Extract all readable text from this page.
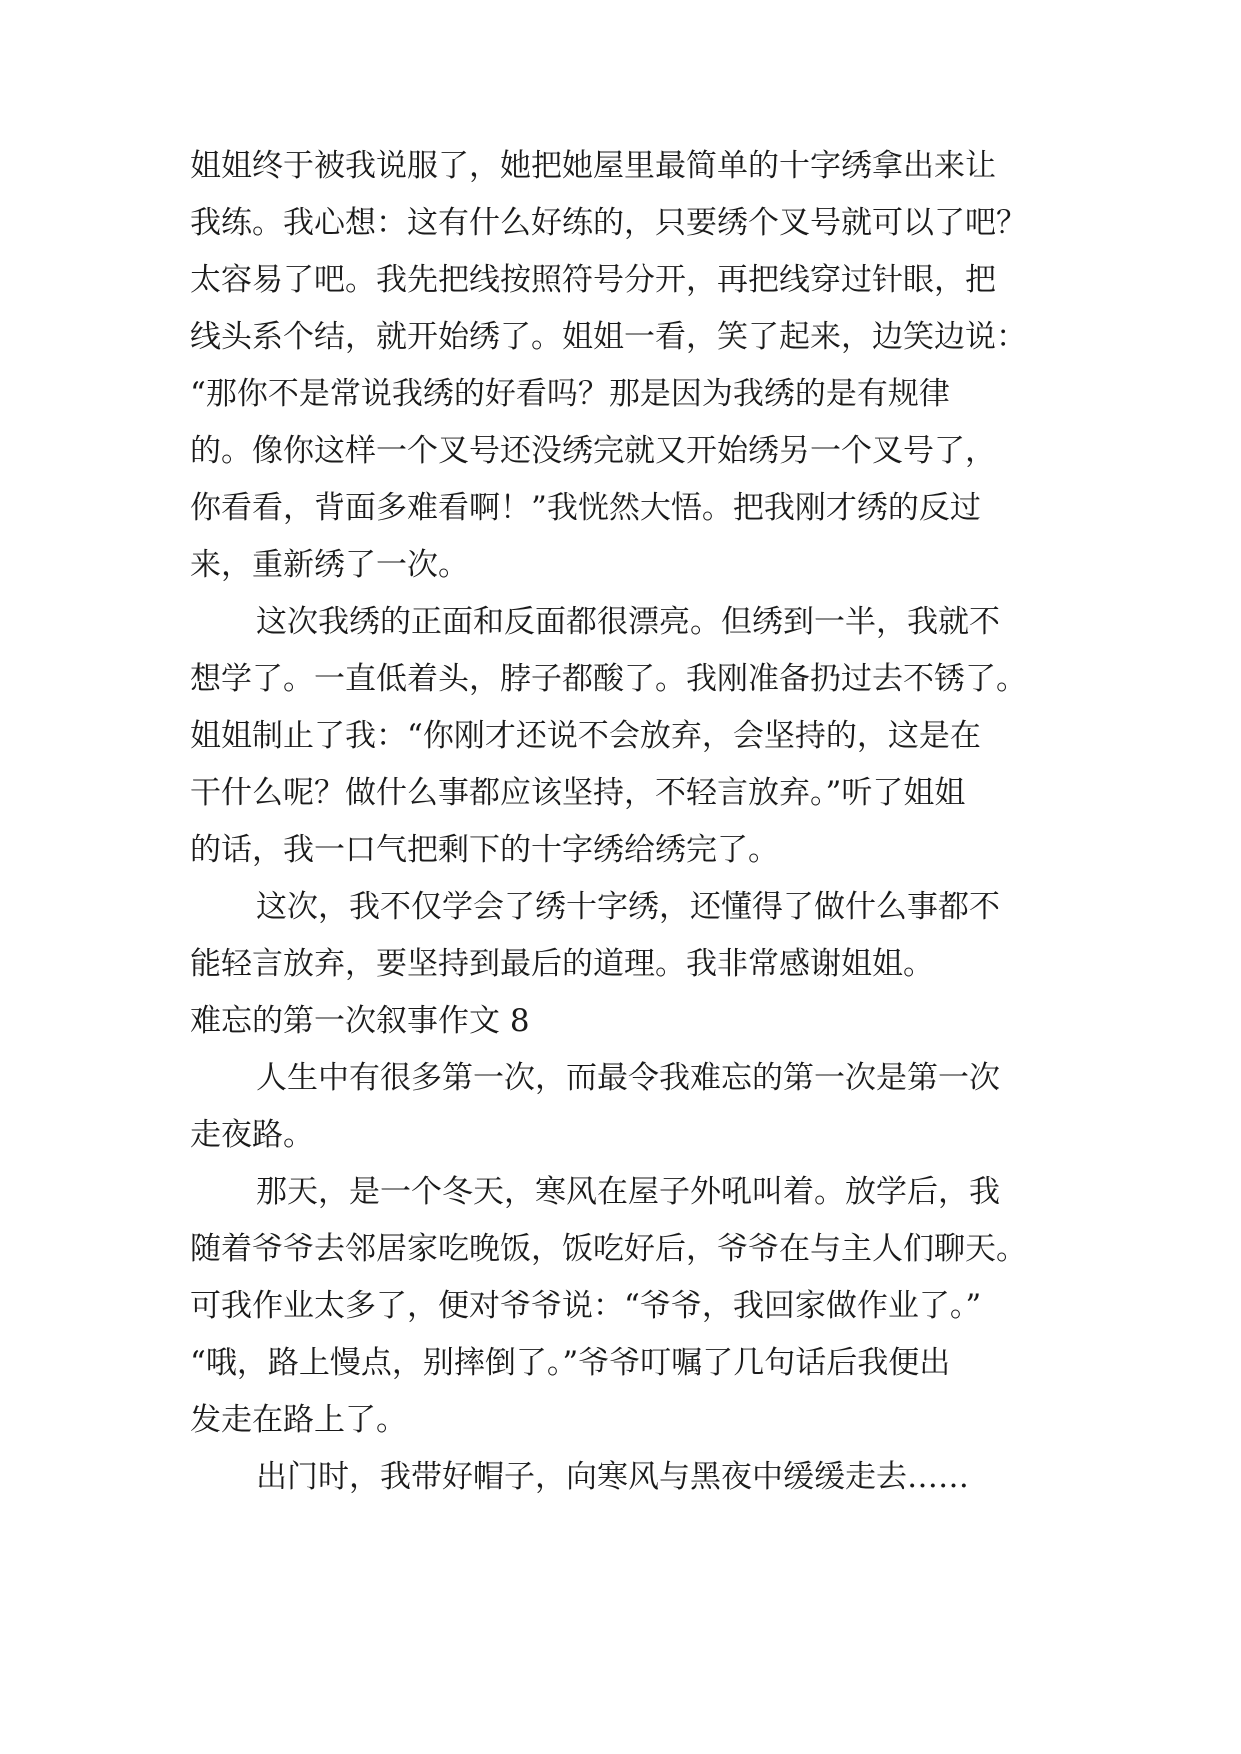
姐姐终于被我说服了，她把她屋里最简单的十字绣拿出来让
我练。我心想：这有什么好练的，只要绣个叉号就可以了吧？
太容易了吧。我先把线按照符号分开，再把线穿过针眼，把
线头系个结，就开始绣了。姐姐一看，笑了起来，边笑边说：
“那你不是常说我绣的好看吗？那是因为我绣的是有规律
的。像你这样一个叉号还没绣完就又开始绣另一个叉号了，
你看看，背面多难看啊！”我恍然大悟。把我刚才绣的反过
来，重新绣了一次。
这次我绣的正面和反面都很漂亮。但绣到一半，我就不
想学了。一直低着头，脖子都酸了。我刚准备扔过去不锈了。
姐姐制止了我：“你刚才还说不会放弃，会坚持的，这是在
干什么呢？做什么事都应该坚持，不轻言放弃。”听了姐姐
的话，我一口气把剩下的十字绣给绣完了。
这次，我不仅学会了绣十字绣，还懂得了做什么事都不
能轻言放弃，要坚持到最后的道理。我非常感谢姐姐。
难忘的第一次叙事作文 8
人生中有很多第一次，而最令我难忘的第一次是第一次
走夜路。
那天，是一个冬天，寒风在屋子外吼叫着。放学后，我
随着爷爷去邻居家吃晚饭，饭吃好后，爷爷在与主人们聊天。
可我作业太多了，便对爷爷说：“爷爷，我回家做作业了。”
“哦，路上慢点，别摔倒了。”爷爷叮嘱了几句话后我便出
发走在路上了。
出门时，我带好帽子，向寒风与黑夜中缓缓走去……
